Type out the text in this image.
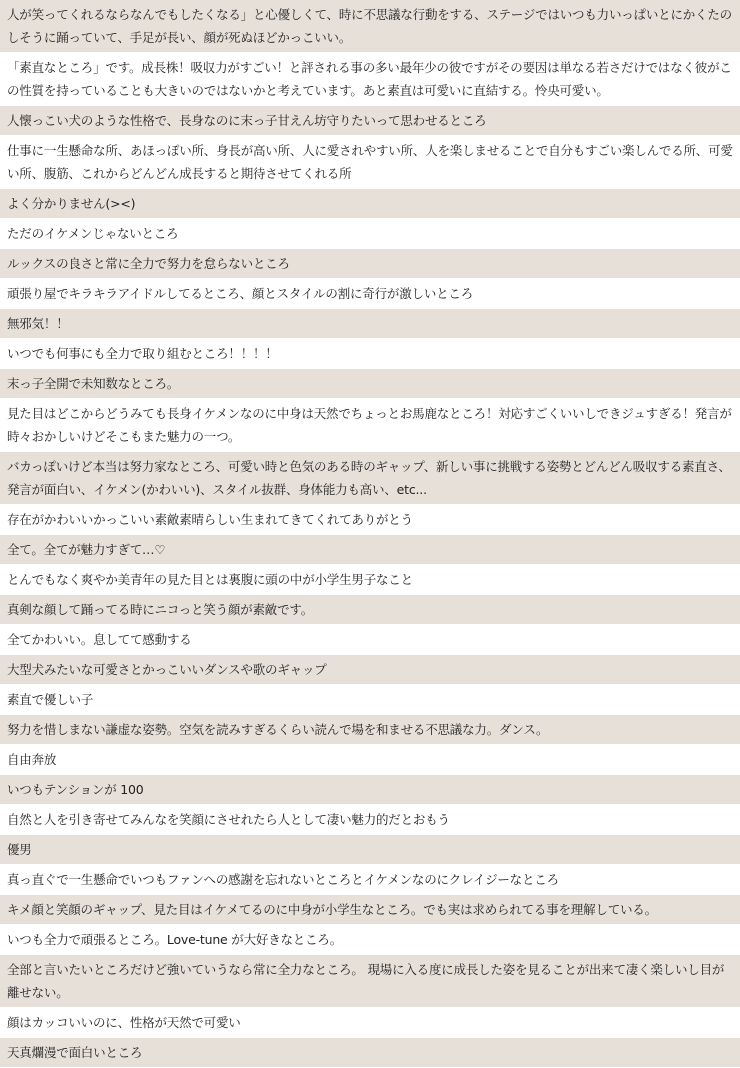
人が笑ってくれるならなんでもしたくなる」と心優しくて、時に不思議な行動をする、ステージではいつも力いっぱいとにかくたのしそうに踊っていて、手足が長い、顔が死ぬほどかっこいい。
「素直なところ」です。成長株！吸収力がすごい！と評される事の多い最年少の彼ですがその要因は単なる若さだけではなく彼がこの性質を持っていることも大きいのではないかと考えています。あと素直は可愛いに直結する。怜央可愛い。
人懐っこい犬のような性格で、長身なのに末っ子甘えん坊守りたいって思わせるところ
仕事に一生懸命な所、あほっぽい所、身長が高い所、人に愛されやすい所、人を楽しませることで自分もすごい楽しんでる所、可愛い所、腹筋、これからどんどん成長すると期待させてくれる所
よく分かりません(><)
ただのイケメンじゃないところ
ルックスの良さと常に全力で努力を怠らないところ
頑張り屋でキラキラアイドルしてるところ、顔とスタイルの割に奇行が激しいところ
無邪気！！
いつでも何事にも全力で取り組むところ！！！！
末っ子全開で未知数なところ。
見た目はどこからどうみても長身イケメンなのに中身は天然でちょっとお馬鹿なところ！対応すごくいいしできジュすぎる！発言が時々おかしいけどそこもまた魅力の一つ。
バカっぽいけど本当は努力家なところ、可愛い時と色気のある時のギャップ、新しい事に挑戦する姿勢とどんどん吸収する素直さ、発言が面白い、イケメン(かわいい)、スタイル抜群、身体能力も高い、etc...
存在がかわいいかっこいい素敵素晴らしい生まれてきてくれてありがとう
全て。全てが魅力すぎて…♡
とんでもなく爽やか美青年の見た目とは裏腹に頭の中が小学生男子なこと
真剣な顔して踊ってる時にニコっと笑う顔が素敵です。
全てかわいい。息してて感動する
大型犬みたいな可愛さとかっこいいダンスや歌のギャップ
素直で優しい子
努力を惜しまない謙虚な姿勢。空気を読みすぎるくらい読んで場を和ませる不思議な力。ダンス。
自由奔放
いつもテンションが 100
自然と人を引き寄せてみんなを笑顔にさせれたら人として凄い魅力的だとおもう
優男
真っ直ぐで一生懸命でいつもファンへの感謝を忘れないところとイケメンなのにクレイジーなところ
キメ顔と笑顔のギャップ、見た目はイケメてるのに中身が小学生なところ。でも実は求められてる事を理解している。
いつも全力で頑張るところ。Love-tune が大好きなところ。
全部と言いたいところだけど強いていうなら常に全力なところ。 現場に入る度に成長した姿を見ることが出来て凄く楽しいし目が離せない。
顔はカッコいいのに、性格が天然で可愛い
天真爛漫で面白いところ
